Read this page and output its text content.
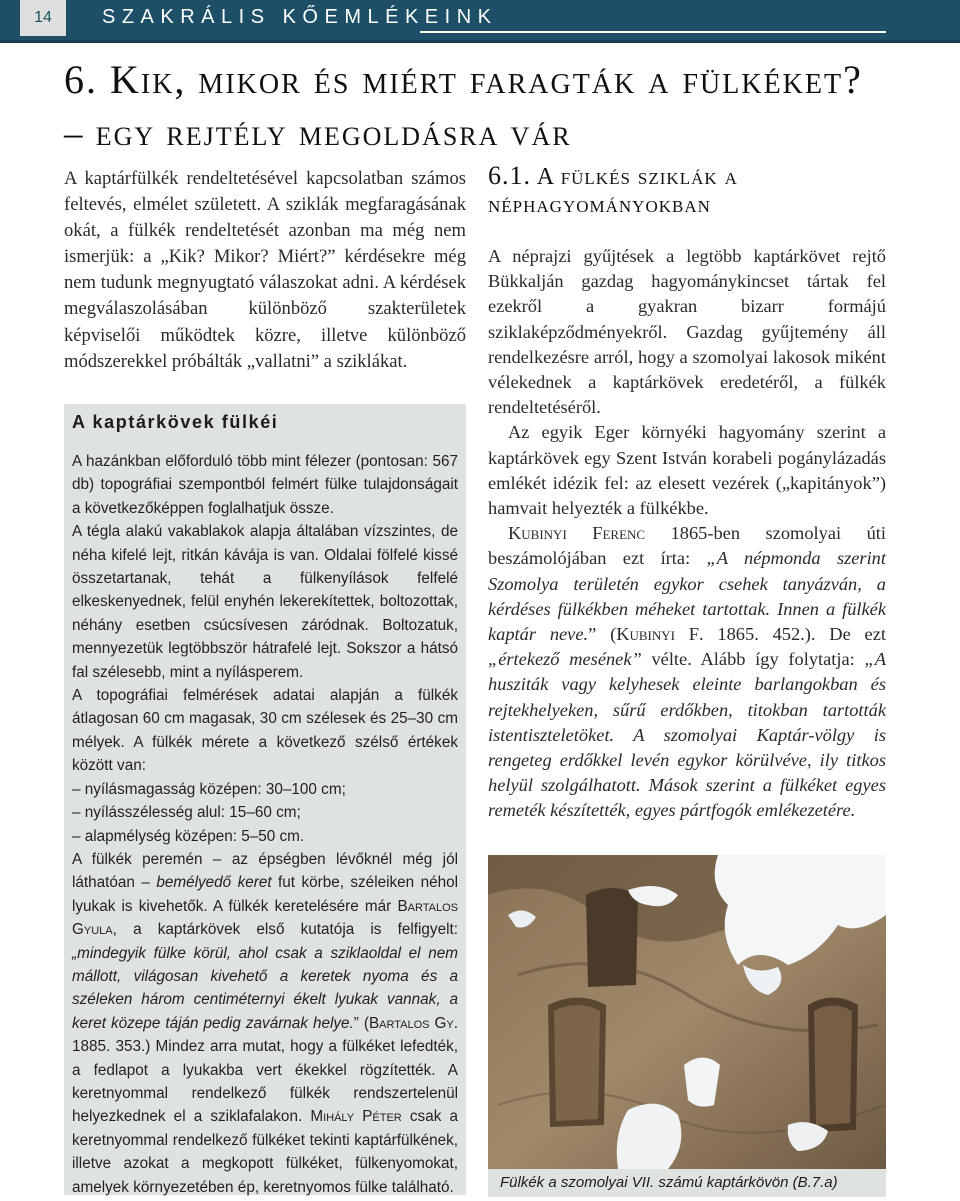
14	SZAKRÁLIS KŐEMLÉKEINK
6. Kik, mikor és miért faragták a fülkéket?
– egy rejtély megoldásra vár

A kaptárfülkék rendeltetésével kapcsolatban számos feltevés, elmélet született. A sziklák megfaragásának okát, a fülkék rendeltetését azonban ma még nem ismerjük: a „Kik? Mikor? Miért?” kérdésekre még nem tudunk megnyugtató válaszokat adni. A kérdések megválaszolásában különböző szakterületek képviselői működtek közre, illetve különböző módszerekkel próbálták „vallatni” a sziklákat.

A kaptárkövek fülkéi

A hazánkban előforduló több mint félezer (pontosan: 567 db) topográfiai szempontból felmért fülke tulajdonságait a következőképpen foglalhatjuk össze.

A tégla alakú vakablakok alapja általában vízszintes, de néha kifelé lejt, ritkán kávája is van. Oldalai fölfelé kissé összetartanak, tehát a fülkenyílások felfelé elkeskenyednek, felül enyhén lekerekítettek, boltozottak, néhány esetben csúcsívesen záródnak. Boltozatuk, mennyezetük legtöbbször hátrafelé lejt. Sokszor a hátsó fal szélesebb, mint a nyílásperem.

A topográfiai felmérések adatai alapján a fülkék átlagosan 60 cm magasak, 30 cm szélesek és 25–30 cm mélyek. A fülkék mérete a következő szélső értékek között van:

– nyílásmagasság középen: 30–100 cm;

– nyílásszélesség alul: 15–60 cm;

– alapmélység középen: 5–50 cm.

A fülkék peremén – az épségben lévőknél még jól láthatóan – bemélyedő keret fut körbe, széleiken néhol lyukak is kivehetők. A fülkék keretelésére már Bartalos Gyula, a kaptárkövek első kutatója is felfigyelt: „mindegyik fülke körül, ahol csak a sziklaoldal el nem mállott, világosan kivehető a keretek nyoma és a széleken három centiméternyi ékelt lyukak vannak, a keret közepe táján pedig zavárnak helye.” (Bartalos Gy. 1885. 353.) Mindez arra mutat, hogy a fülkéket lefedték, a fedlapot a lyukakba vert ékekkel rögzítették. A keretnyommal rendelkező fülkék rendszertelenül helyezkednek el a sziklafalakon. Mihály Péter csak a keretnyommal rendelkező fülkéket tekinti kaptárfülkének, illetve azokat a megkopott fülkéket, fülkenyomokat, amelyek környezetében ép, keretnyomos fülke található.

6.1. A fülkés sziklák a néphagyományokban

A néprajzi gyűjtések a legtöbb kaptárkövet rejtő Bükkalján gazdag hagyománykincset tártak fel ezekről a gyakran bizarr formájú sziklaképződményekről. Gazdag gyűjtemény áll rendelkezésre arról, hogy a szomolyai lakosok miként vélekednek a kaptárkövek eredetéről, a fülkék rendeltetéséről.

Az egyik Eger környéki hagyomány szerint a kaptárkövek egy Szent István korabeli pogánylázadás emlékét idézik fel: az elesett vezérek („kapitányok”) hamvait helyezték a fülkékbe.

Kubinyi Ferenc 1865-ben szomolyai úti beszámolójában ezt írta: „A népmonda szerint Szomolya területén egykor csehek tanyázván, a kérdéses fülkékben méheket tartottak. Innen a fülkék kaptár neve.” (Kubinyi F. 1865. 452.). De ezt „értekező mesének” vélte. Alább így folytatja: „A husziták vagy kelyhesek eleinte barlangokban és rejtekhelyeken, sűrű erdőkben, titokban tartották istentiszteletöket. A szomolyai Kaptár-völgy is rengeteg erdőkkel levén egykor körülvéve, ily titkos helyül szolgálhatott. Mások szerint a fülkéket egyes remeték készítették, egyes pártfogók emlékezetére.

Fülkék a szomolyai VII. számú kaptárkövön (B.7.a)
